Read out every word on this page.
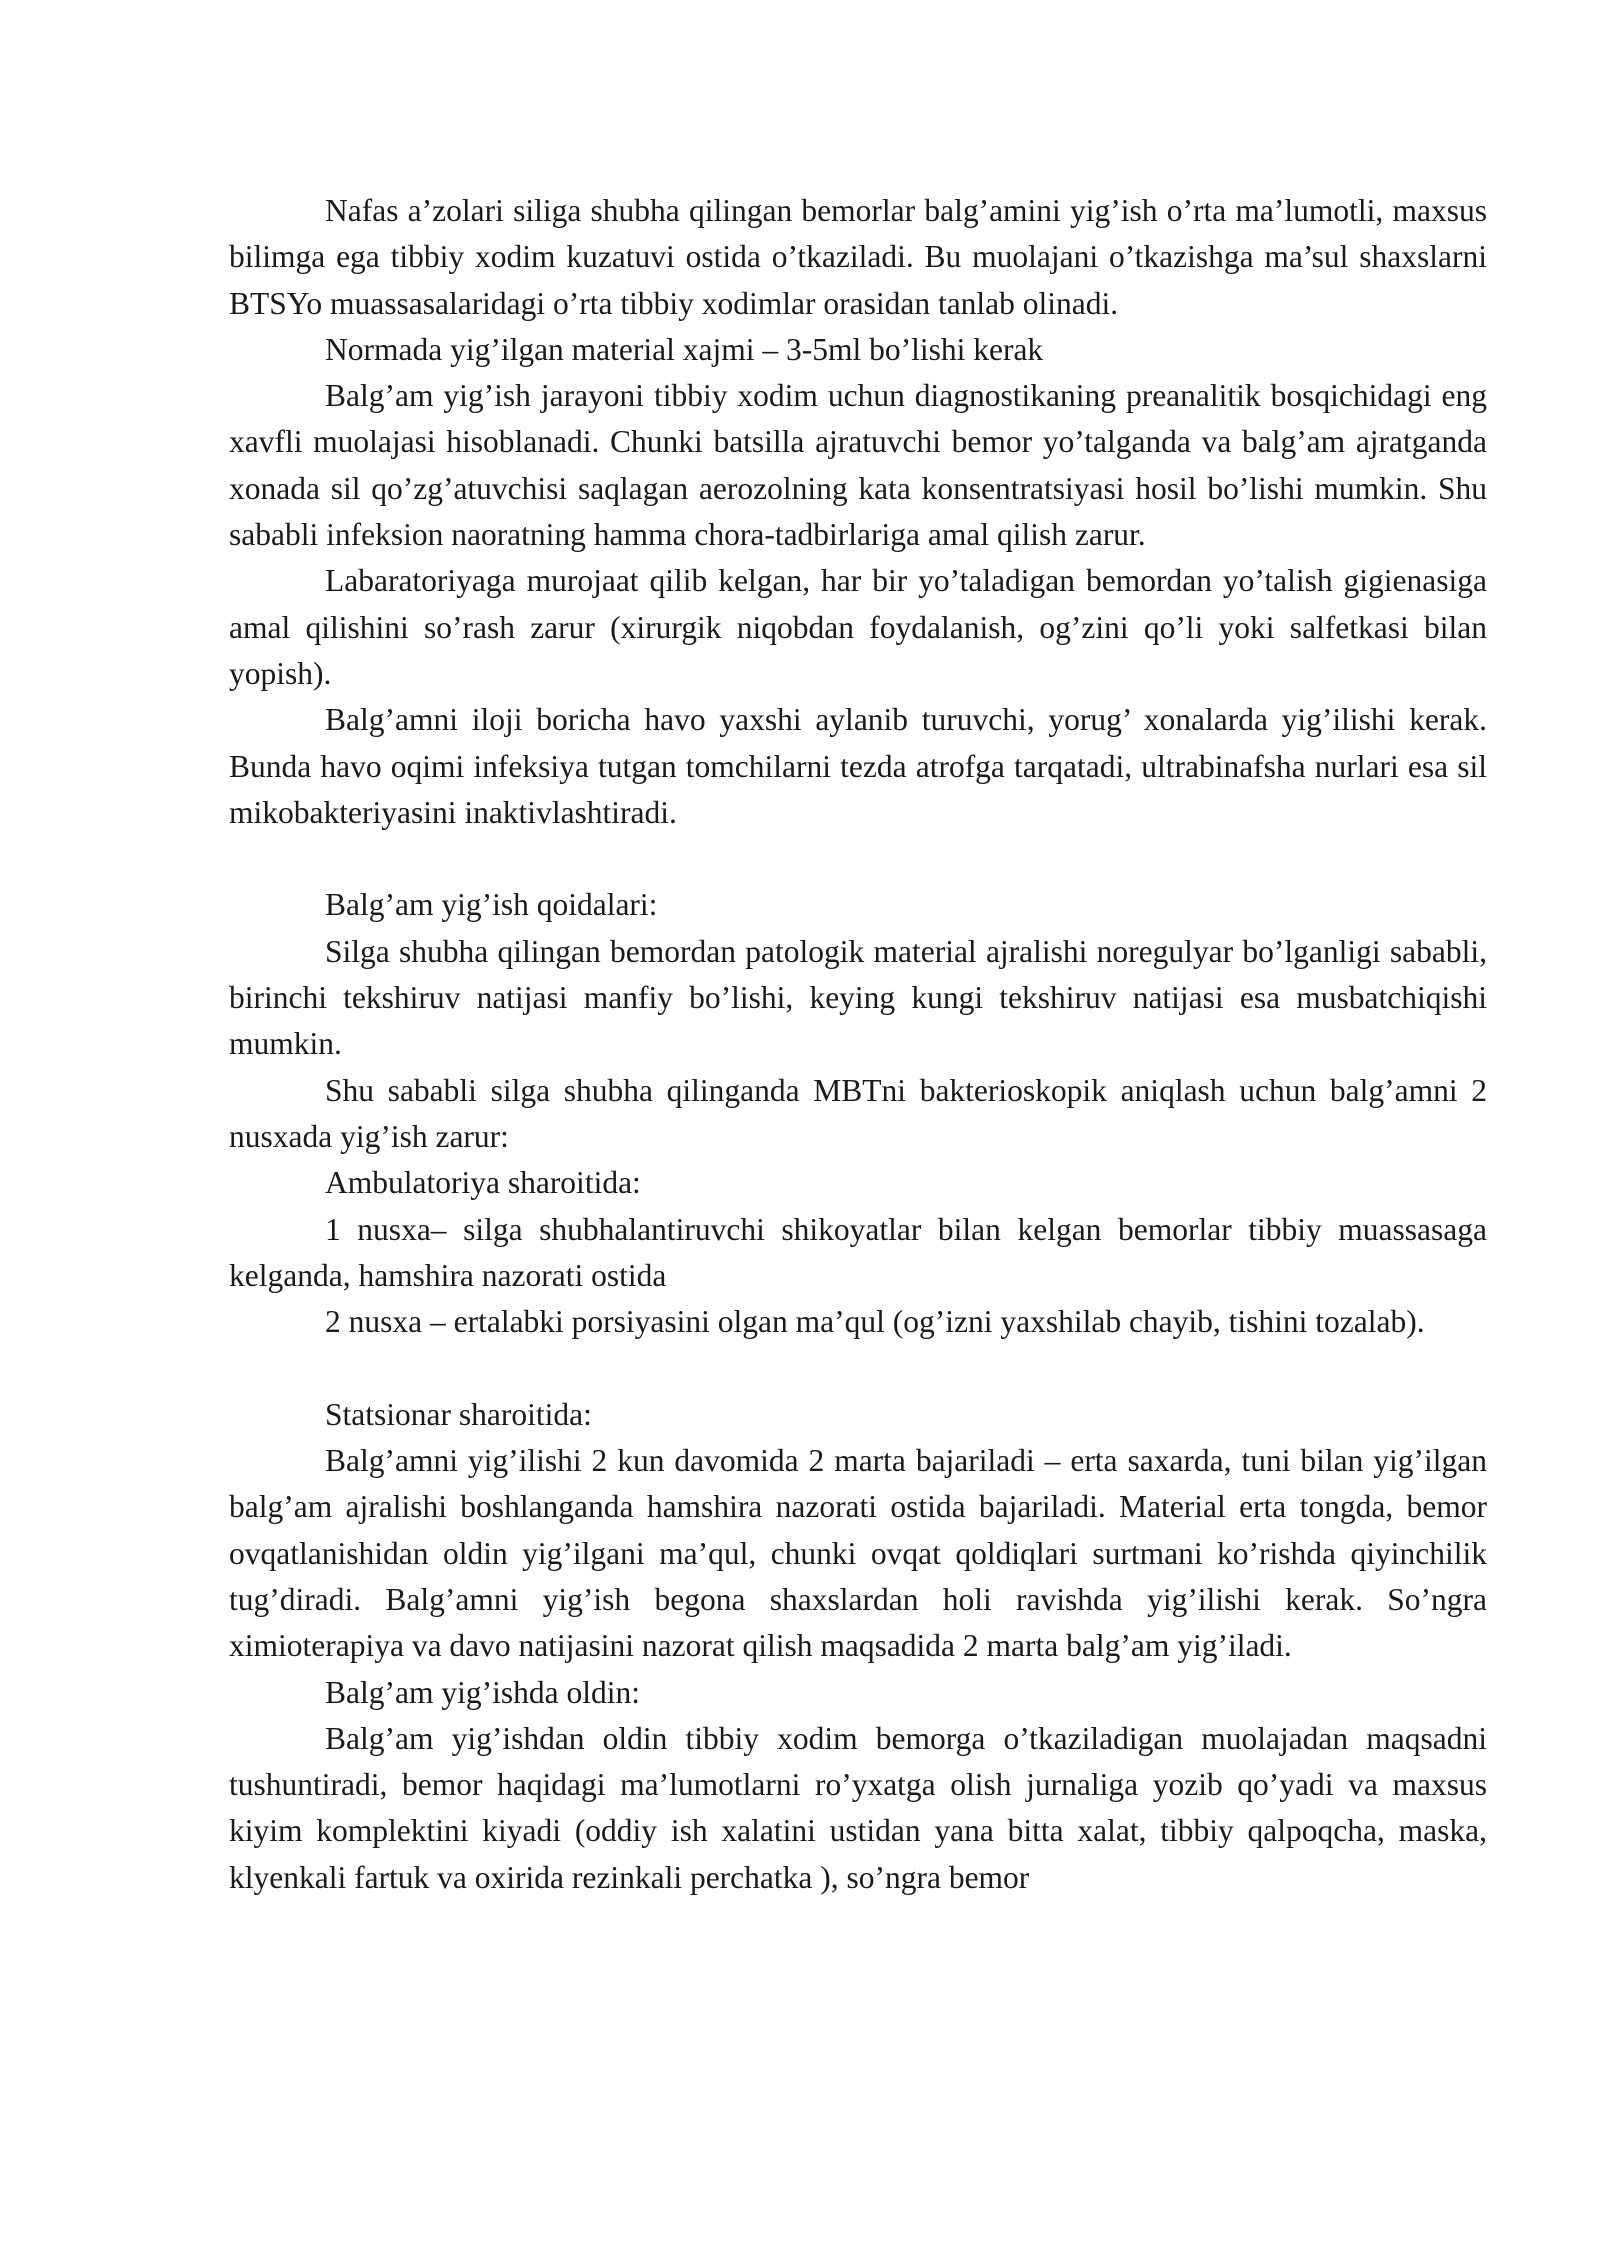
Nafas a’zolari siliga shubha qilingan bemorlar balg’amini yig’ish o’rta ma’lumotli, maxsus bilimga ega tibbiy xodim kuzatuvi ostida o’tkaziladi. Bu muolajani o’tkazishga ma’sul shaxslarni BTSYo muassasalaridagi o’rta tibbiy xodimlar orasidan tanlab olinadi.

Normada yig’ilgan material xajmi – 3-5ml bo’lishi kerak

Balg’am yig’ish jarayoni tibbiy xodim uchun diagnostikaning preanalitik bosqichidagi eng xavfli muolajasi hisoblanadi. Chunki batsilla ajratuvchi bemor yo’talganda va balg’am ajratganda xonada sil qo’zg’atuvchisi saqlagan aerozolning kata konsentratsiyasi hosil bo’lishi mumkin. Shu sababli infeksion naoratning hamma chora-tadbirlariga amal qilish zarur.

Labaratoriyaga murojaat qilib kelgan, har bir yo’taladigan bemordan yo’talish gigienasiga amal qilishini so’rash zarur (xirurgik niqobdan foydalanish, og’zini qo’li yoki salfetkasi bilan yopish).

Balg’amni iloji boricha havo yaxshi aylanib turuvchi, yorug’ xonalarda yig’ilishi kerak. Bunda havo oqimi infeksiya tutgan tomchilarni tezda atrofga tarqatadi, ultrabinafsha nurlari esa sil mikobakteriyasini inaktivlashtiradi.

Balg’am yig’ish qoidalari:

Silga shubha qilingan bemordan patologik material ajralishi noregulyar bo’lganligi sababli, birinchi tekshiruv natijasi manfiy bo’lishi, keying kungi tekshiruv natijasi esa musbatchiqishi mumkin.

Shu sababli silga shubha qilinganda MBTni bakterioskopik aniqlash uchun balg’amni 2 nusxada yig’ish zarur:

Ambulatoriya sharoitida:

1 nusxa– silga shubhalantiruvchi shikoyatlar bilan kelgan bemorlar tibbiy muassasaga kelganda, hamshira nazorati ostida

2 nusxa – ertalabki porsiyasini olgan ma’qul (og’izni yaxshilab chayib, tishini tozalab).

Statsionar sharoitida:

Balg’amni yig’ilishi 2 kun davomida 2 marta bajariladi – erta saxarda, tuni bilan yig’ilgan balg’am ajralishi boshlanganda hamshira nazorati ostida bajariladi. Material erta tongda, bemor ovqatlanishidan oldin yig’ilgani ma’qul, chunki ovqat qoldiqlari surtmani ko’rishda qiyinchilik tug’diradi. Balg’amni yig’ish begona shaxslardan holi ravishda yig’ilishi kerak. So’ngra ximioterapiya va davo natijasini nazorat qilish maqsadida 2 marta balg’am yig’iladi.

Balg’am yig’ishda oldin:

Balg’am yig’ishdan oldin tibbiy xodim bemorga o’tkaziladigan muolajadan maqsadni tushuntiradi, bemor haqidagi ma’lumotlarni ro’yxatga olish jurnaliga yozib qo’yadi va maxsus kiyim komplektini kiyadi (oddiy ish xalatini ustidan yana bitta xalat, tibbiy qalpoqcha, maska, klyenkali fartuk va oxirida rezinkali perchatka ), so’ngra bemor
